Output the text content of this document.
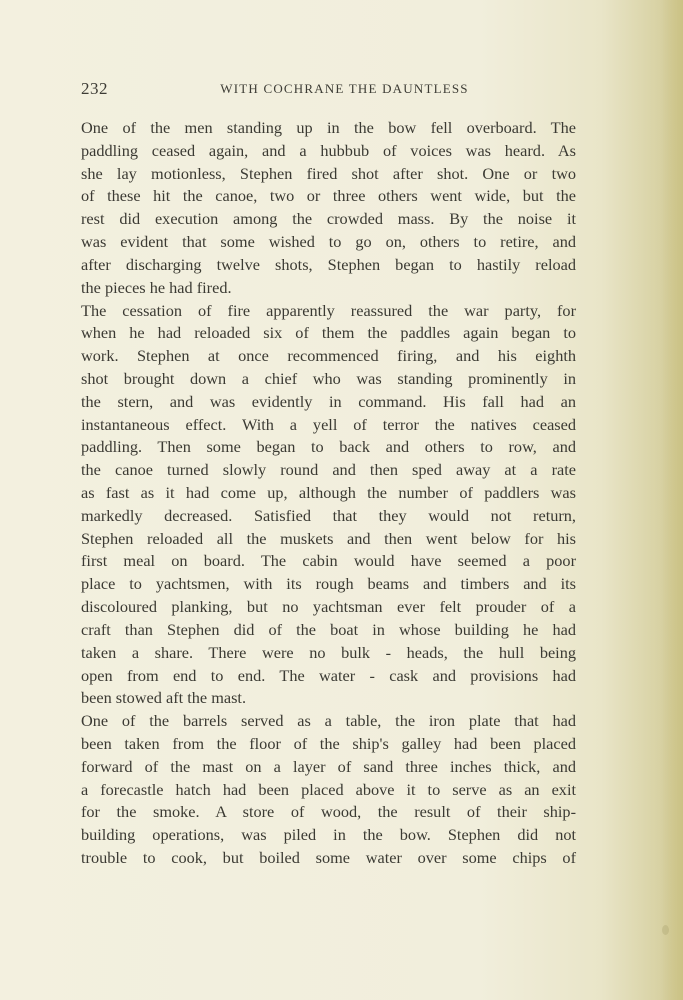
232	WITH COCHRANE THE DAUNTLESS
One of the men standing up in the bow fell overboard. The
paddling ceased again, and a hubbub of voices was heard. As
she lay motionless, Stephen fired shot after shot. One or two
of these hit the canoe, two or three others went wide, but the
rest did execution among the crowded mass. By the noise it
was evident that some wished to go on, others to retire, and
after discharging twelve shots, Stephen began to hastily reload
the pieces he had fired.
The cessation of fire apparently reassured the war party, for
when he had reloaded six of them the paddles again began to
work. Stephen at once recommenced firing, and his eighth
shot brought down a chief who was standing prominently in
the stern, and was evidently in command. His fall had an
instantaneous effect. With a yell of terror the natives ceased
paddling. Then some began to back and others to row, and
the canoe turned slowly round and then sped away at a rate
as fast as it had come up, although the number of paddlers was
markedly decreased. Satisfied that they would not return,
Stephen reloaded all the muskets and then went below for his
first meal on board. The cabin would have seemed a poor
place to yachtsmen, with its rough beams and timbers and its
discoloured planking, but no yachtsman ever felt prouder of a
craft than Stephen did of the boat in whose building he had
taken a share. There were no bulk - heads, the hull being
open from end to end. The water - cask and provisions had
been stowed aft the mast.
One of the barrels served as a table, the iron plate that had
been taken from the floor of the ship's galley had been placed
forward of the mast on a layer of sand three inches thick, and
a forecastle hatch had been placed above it to serve as an exit
for the smoke. A store of wood, the result of their ship-
building operations, was piled in the bow. Stephen did not
trouble to cook, but boiled some water over some chips of
